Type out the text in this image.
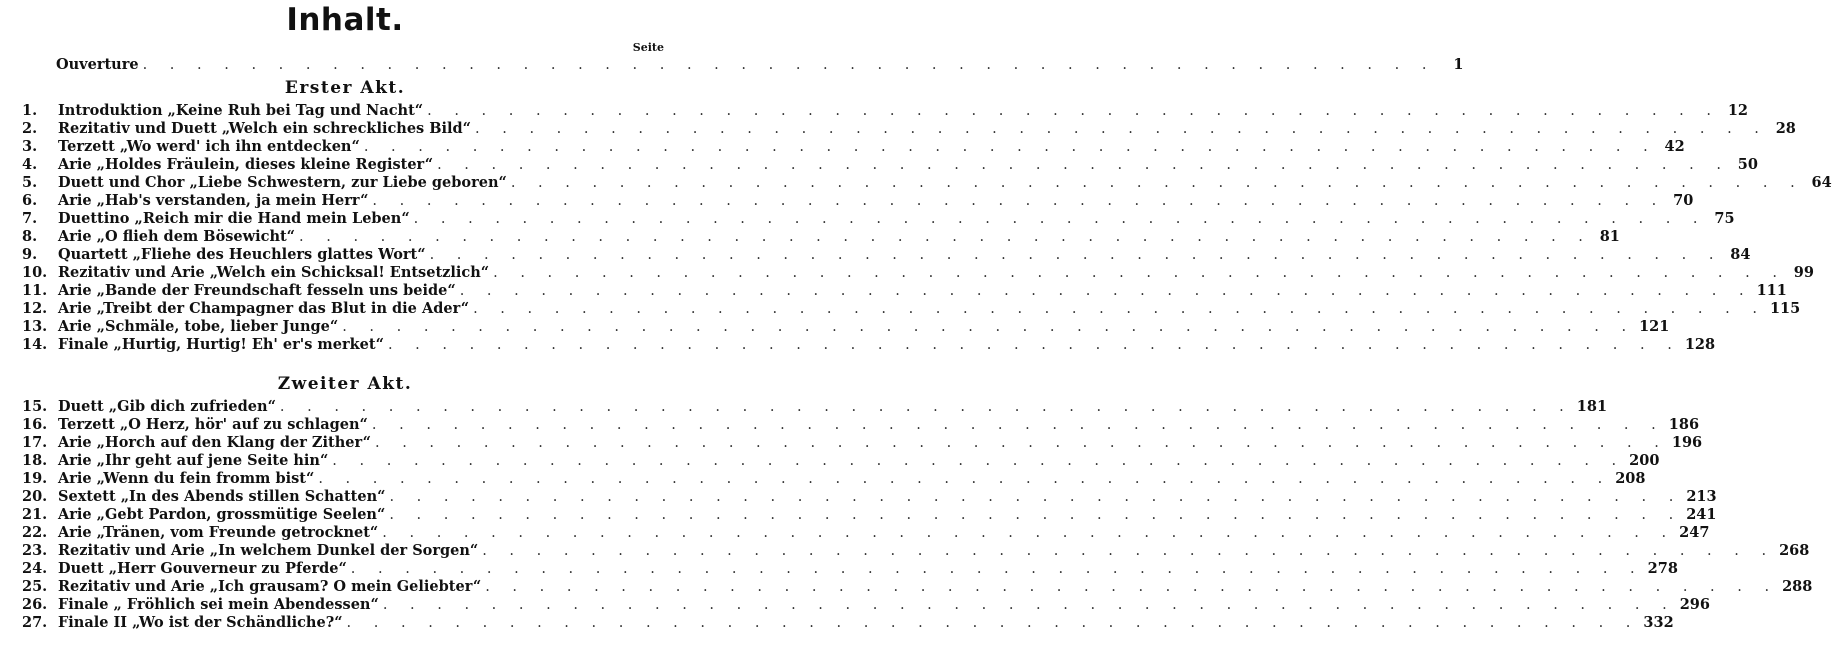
Inhalt.
Seite
Ouverture . . .	1
Erster Akt.
1.	Introduktion „Keine Ruh bei Tag und Nacht“ . . .	12
2.	Rezitativ und Duett „Welch ein schreckliches Bild“ . . .	28
3.	Terzett „Wo werd' ich ihn entdecken“ . . .	42
4.	Arie „Holdes Fräulein, dieses kleine Register“ . . .	50
5.	Duett und Chor „Liebe Schwestern, zur Liebe geboren“ . . .	64
6.	Arie „Hab's verstanden, ja mein Herr“ . . .	70
7.	Duettino „Reich mir die Hand mein Leben“ . . .	75
8.	Arie „O flieh dem Bösewicht“ . . .	81
9.	Quartett „Fliehe des Heuchlers glattes Wort“ . . .	84
10. Rezitativ und Arie „Welch ein Schicksal! Entsetzlich“ . . .	99
11. Arie „Bande der Freundschaft fesseln uns beide“ . . .	111
12. Arie „Treibt der Champagner das Blut in die Ader“ . . .	115
13. Arie „Schmäle, tobe, lieber Junge“ . . .	121
14. Finale „Hurtig, Hurtig! Eh' er's merket“ . . .	128
Zweiter Akt.
15. Duett „Gib dich zufrieden“ . . .	181
16. Terzett „O Herz, hör' auf zu schlagen“ . . .	186
17. Arie „Horch auf den Klang der Zither“ . . .	196
18. Arie „Ihr geht auf jene Seite hin“ . . .	200
19. Arie „Wenn du fein fromm bist“ . . .	208
20. Sextett „In des Abends stillen Schatten“ . . .	213
21. Arie „Gebt Pardon, grossmütige Seelen“ . . .	241
22. Arie „Tränen, vom Freunde getrocknet“ . . .	247
23. Rezitativ und Arie „In welchem Dunkel der Sorgen“ . . .	268
24. Duett „Herr Gouverneur zu Pferde“ . . .	278
25. Rezitativ und Arie „Ich grausam? O mein Geliebter“ . . .	288
26. Finale „ Fröhlich sei mein Abendessen“ . . .	296
27. Finale II „Wo ist der Schändliche?“ . . .	332
